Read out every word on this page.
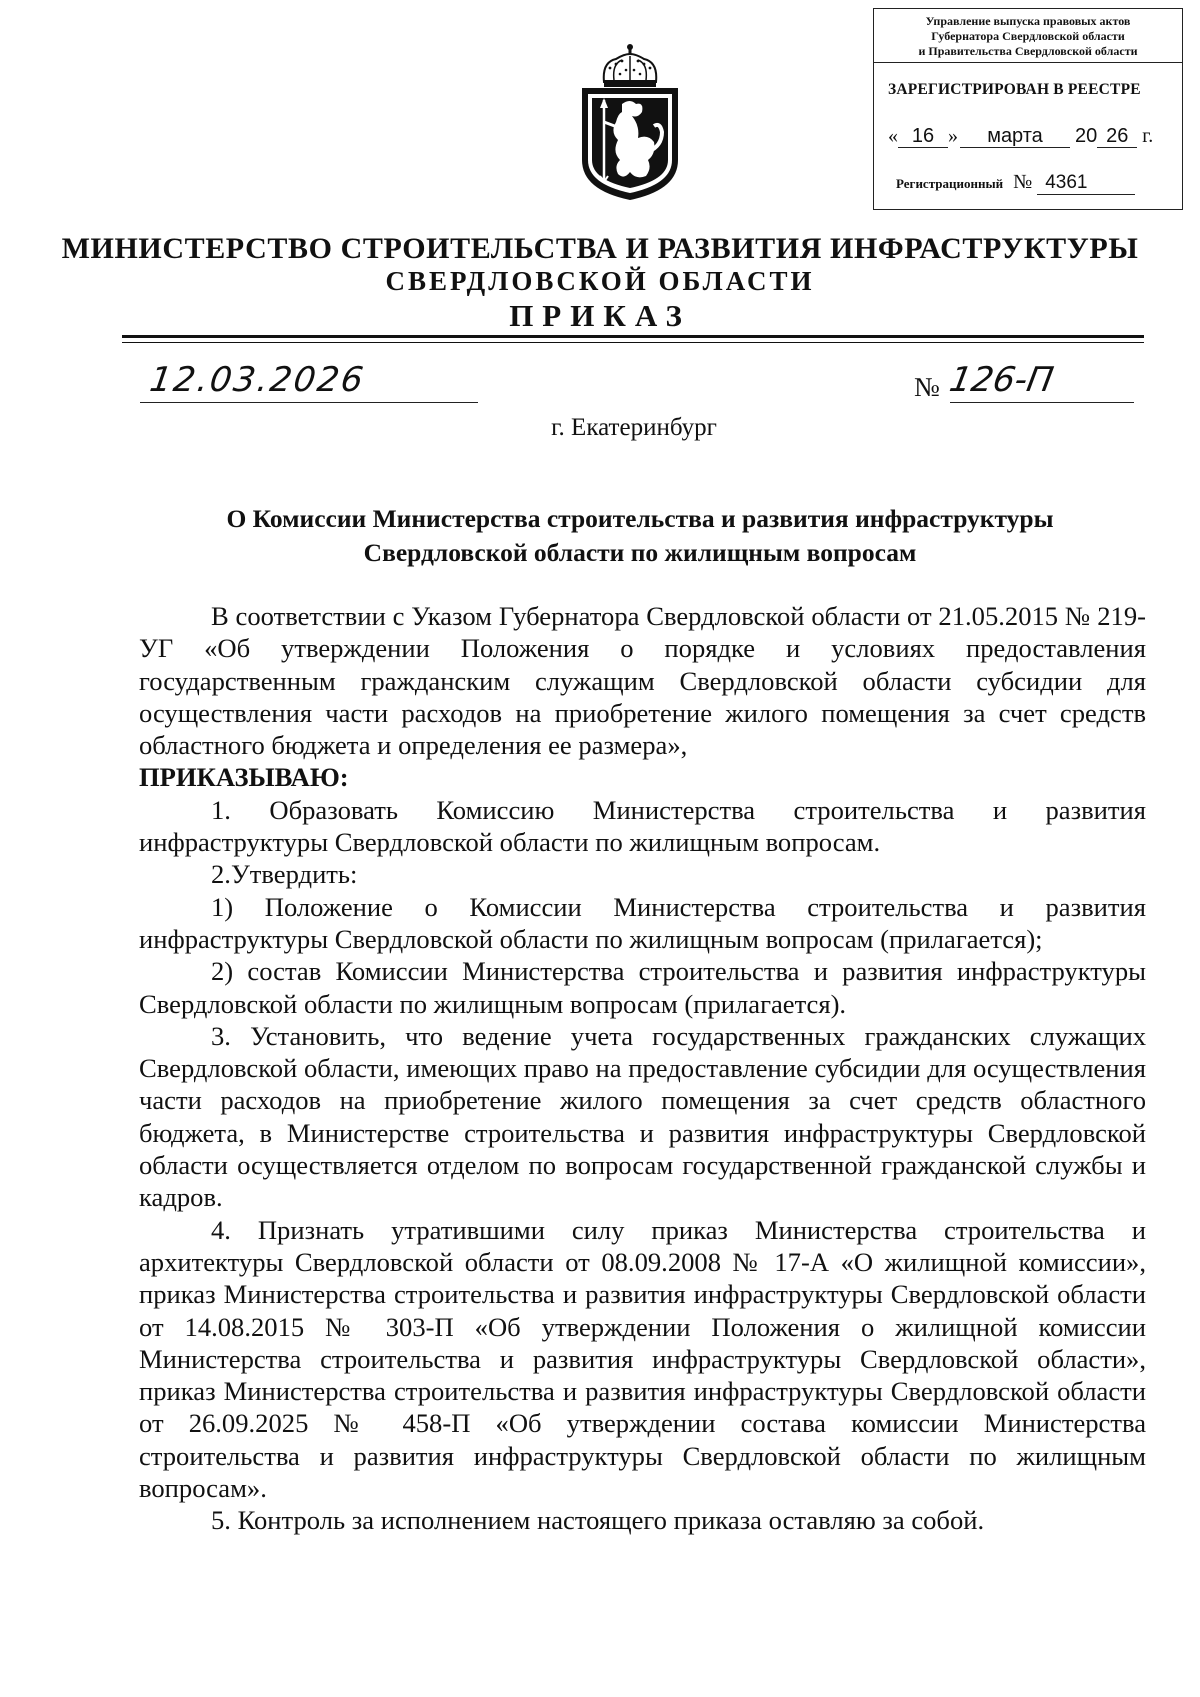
Управление выпуска правовых актов
Губернатора Свердловской области
и Правительства Свердловской области
ЗАРЕГИСТРИРОВАН В РЕЕСТРЕ
« 16 » марта 20 26 г.
Регистрационный № 4361
МИНИСТЕРСТВО СТРОИТЕЛЬСТВА И РАЗВИТИЯ ИНФРАСТРУКТУРЫ
СВЕРДЛОВСКОЙ ОБЛАСТИ
ПРИКАЗ
12.03.2026	№ 126-П
г. Екатеринбург
О Комиссии Министерства строительства и развития инфраструктуры
Свердловской области по жилищным вопросам

В соответствии с Указом Губернатора Свердловской области от 21.05.2015 № 219-УГ «Об утверждении Положения о порядке и условиях предоставления государственным гражданским служащим Свердловской области субсидии для осуществления части расходов на приобретение жилого помещения за счет средств областного бюджета и определения ее размера»,

ПРИКАЗЫВАЮ:

1. Образовать Комиссию Министерства строительства и развития инфраструктуры Свердловской области по жилищным вопросам.

2.Утвердить:

1) Положение о Комиссии Министерства строительства и развития инфраструктуры Свердловской области по жилищным вопросам (прилагается);

2) состав Комиссии Министерства строительства и развития инфраструктуры Свердловской области по жилищным вопросам (прилагается).

3. Установить, что ведение учета государственных гражданских служащих Свердловской области, имеющих право на предоставление субсидии для осуществления части расходов на приобретение жилого помещения за счет средств областного бюджета, в Министерстве строительства и развития инфраструктуры Свердловской области осуществляется отделом по вопросам государственной гражданской службы и кадров.

4. Признать утратившими силу приказ Министерства строительства и архитектуры Свердловской области от 08.09.2008 № 17-А «О жилищной комиссии», приказ Министерства строительства и развития инфраструктуры Свердловской области от 14.08.2015 № 303-П «Об утверждении Положения о жилищной комиссии Министерства строительства и развития инфраструктуры Свердловской области», приказ Министерства строительства и развития инфраструктуры Свердловской области от 26.09.2025 № 458-П «Об утверждении состава комиссии Министерства строительства и развития инфраструктуры Свердловской области по жилищным вопросам».

5. Контроль за исполнением настоящего приказа оставляю за собой.
